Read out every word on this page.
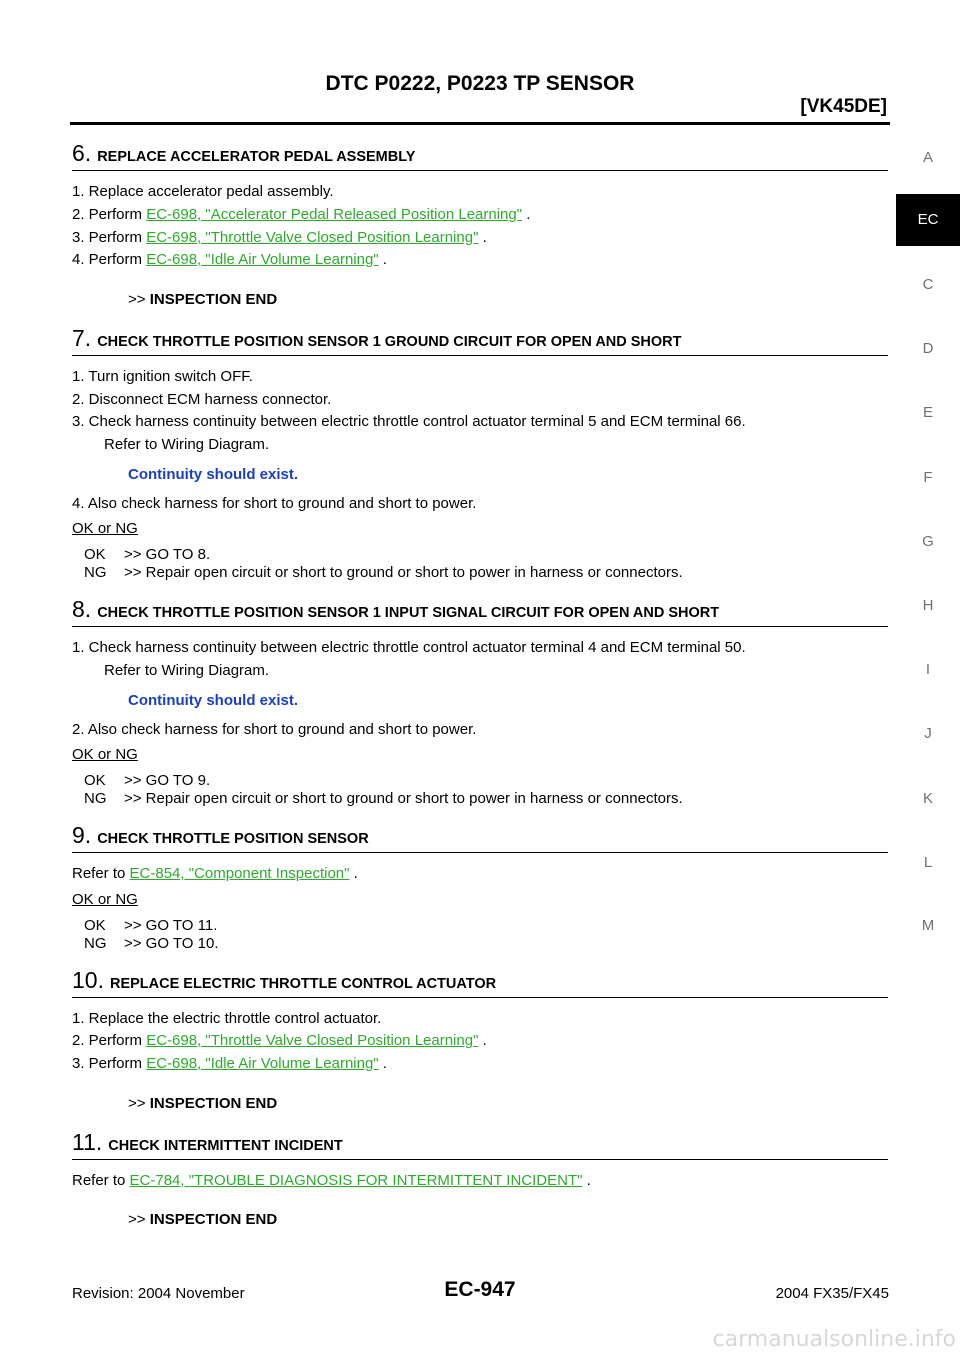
DTC P0222, P0223 TP SENSOR
[VK45DE]
A
EC
C
D
E
F
G
H
I
J
K
L
M
6. REPLACE ACCELERATOR PEDAL ASSEMBLY
1. Replace accelerator pedal assembly.
2. Perform EC-698, "Accelerator Pedal Released Position Learning" .
3. Perform EC-698, "Throttle Valve Closed Position Learning" .
4. Perform EC-698, "Idle Air Volume Learning" .
>> INSPECTION END
7. CHECK THROTTLE POSITION SENSOR 1 GROUND CIRCUIT FOR OPEN AND SHORT
1. Turn ignition switch OFF.
2. Disconnect ECM harness connector.
3. Check harness continuity between electric throttle control actuator terminal 5 and ECM terminal 66.
Refer to Wiring Diagram.
Continuity should exist.
4. Also check harness for short to ground and short to power.
OK or NG
OK	>> GO TO 8.
NG	>> Repair open circuit or short to ground or short to power in harness or connectors.
8. CHECK THROTTLE POSITION SENSOR 1 INPUT SIGNAL CIRCUIT FOR OPEN AND SHORT
1. Check harness continuity between electric throttle control actuator terminal 4 and ECM terminal 50.
Refer to Wiring Diagram.
Continuity should exist.
2. Also check harness for short to ground and short to power.
OK or NG
OK	>> GO TO 9.
NG	>> Repair open circuit or short to ground or short to power in harness or connectors.
9. CHECK THROTTLE POSITION SENSOR
Refer to EC-854, "Component Inspection" .
OK or NG
OK	>> GO TO 11.
NG	>> GO TO 10.
10. REPLACE ELECTRIC THROTTLE CONTROL ACTUATOR
1. Replace the electric throttle control actuator.
2. Perform EC-698, "Throttle Valve Closed Position Learning" .
3. Perform EC-698, "Idle Air Volume Learning" .
>> INSPECTION END
11. CHECK INTERMITTENT INCIDENT
Refer to EC-784, "TROUBLE DIAGNOSIS FOR INTERMITTENT INCIDENT" .
>> INSPECTION END
Revision: 2004 November	EC-947	2004 FX35/FX45
carmanualsonline.info
